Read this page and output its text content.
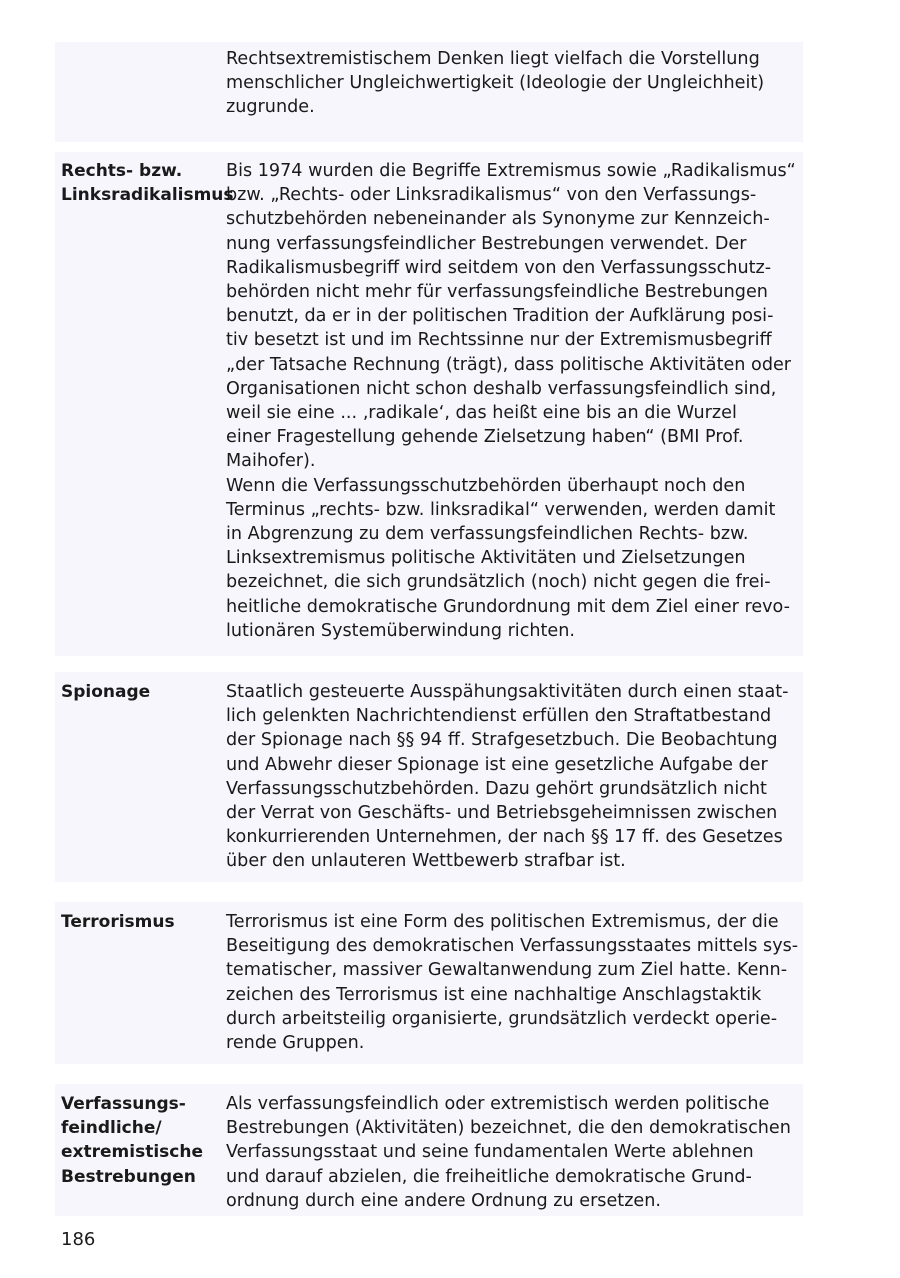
Rechtsextremistischem Denken liegt vielfach die Vorstellung
menschlicher Ungleichwertigkeit (Ideologie der Ungleichheit)
zugrunde.
Rechts- bzw.
Linksradikalismus
Bis 1974 wurden die Begriffe Extremismus sowie „Radikalismus“
bzw. „Rechts- oder Linksradikalismus“ von den Verfassungs-
schutzbehörden nebeneinander als Synonyme zur Kennzeich-
nung verfassungsfeindlicher Bestrebungen verwendet. Der
Radikalismusbegriff wird seitdem von den Verfassungsschutz-
behörden nicht mehr für verfassungsfeindliche Bestrebungen
benutzt, da er in der politischen Tradition der Aufklärung posi-
tiv besetzt ist und im Rechtssinne nur der Extremismusbegriff
„der Tatsache Rechnung (trägt), dass politische Aktivitäten oder
Organisationen nicht schon deshalb verfassungsfeindlich sind,
weil sie eine ... ‚radikale‘, das heißt eine bis an die Wurzel
einer Fragestellung gehende Zielsetzung haben“ (BMI Prof.
Maihofer).
Wenn die Verfassungsschutzbehörden überhaupt noch den
Terminus „rechts- bzw. linksradikal“ verwenden, werden damit
in Abgrenzung zu dem verfassungsfeindlichen Rechts- bzw.
Linksextremismus politische Aktivitäten und Zielsetzungen
bezeichnet, die sich grundsätzlich (noch) nicht gegen die frei-
heitliche demokratische Grundordnung mit dem Ziel einer revo-
lutionären Systemüberwindung richten.
Spionage	Staatlich gesteuerte Ausspähungsaktivitäten durch einen staat-
lich gelenkten Nachrichtendienst erfüllen den Straftatbestand
der Spionage nach §§ 94 ff. Strafgesetzbuch. Die Beobachtung
und Abwehr dieser Spionage ist eine gesetzliche Aufgabe der
Verfassungsschutzbehörden. Dazu gehört grundsätzlich nicht
der Verrat von Geschäfts- und Betriebsgeheimnissen zwischen
konkurrierenden Unternehmen, der nach §§ 17 ff. des Gesetzes
über den unlauteren Wettbewerb strafbar ist.
Terrorismus	Terrorismus ist eine Form des politischen Extremismus, der die
Beseitigung des demokratischen Verfassungsstaates mittels sys-
tematischer, massiver Gewaltanwendung zum Ziel hatte. Kenn-
zeichen des Terrorismus ist eine nachhaltige Anschlagstaktik
durch arbeitsteilig organisierte, grundsätzlich verdeckt operie-
rende Gruppen.
Verfassungs-
feindliche/
extremistische
Bestrebungen
Als verfassungsfeindlich oder extremistisch werden politische
Bestrebungen (Aktivitäten) bezeichnet, die den demokratischen
Verfassungsstaat und seine fundamentalen Werte ablehnen
und darauf abzielen, die freiheitliche demokratische Grund-
ordnung durch eine andere Ordnung zu ersetzen.
186
